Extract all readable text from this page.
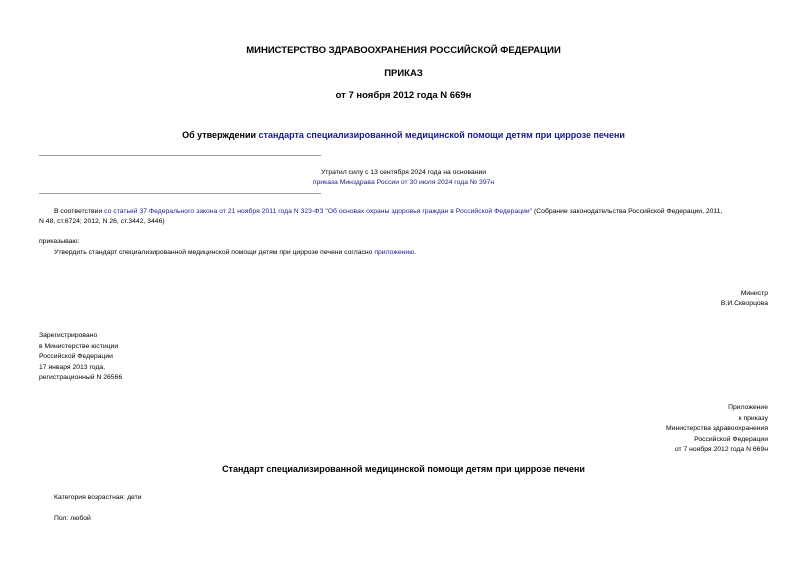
МИНИСТЕРСТВО ЗДРАВООХРАНЕНИЯ РОССИЙСКОЙ ФЕДЕРАЦИИ
ПРИКАЗ
от 7 ноября 2012 года N 669н
Об утверждении стандарта специализированной медицинской помощи детям при циррозе печени
Утратил силу с 13 сентября 2024 года на основании
приказа Минздрава России от 30 июля 2024 года № 397н
В соответствии со статьей 37 Федерального закона от 21 ноября 2011 года N 323-ФЗ "Об основах охраны здоровья граждан в Российской Федерации" (Собрание законодательства Российской Федерации, 2011,
N 48, ст.6724; 2012, N 26, ст.3442, 3446)
приказываю:
Утвердить стандарт специализированной медицинской помощи детям при циррозе печени согласно приложению.
Министр
В.И.Скворцова
Зарегистрировано
в Министерстве юстиции
Российской Федерации
17 января 2013 года,
регистрационный N 26566
Приложение
к приказу
Министерства здравоохранения
Российской Федерации
от 7 ноября 2012 года N 669н
Стандарт специализированной медицинской помощи детям при циррозе печени
Категория возрастная: дети
Пол: любой
